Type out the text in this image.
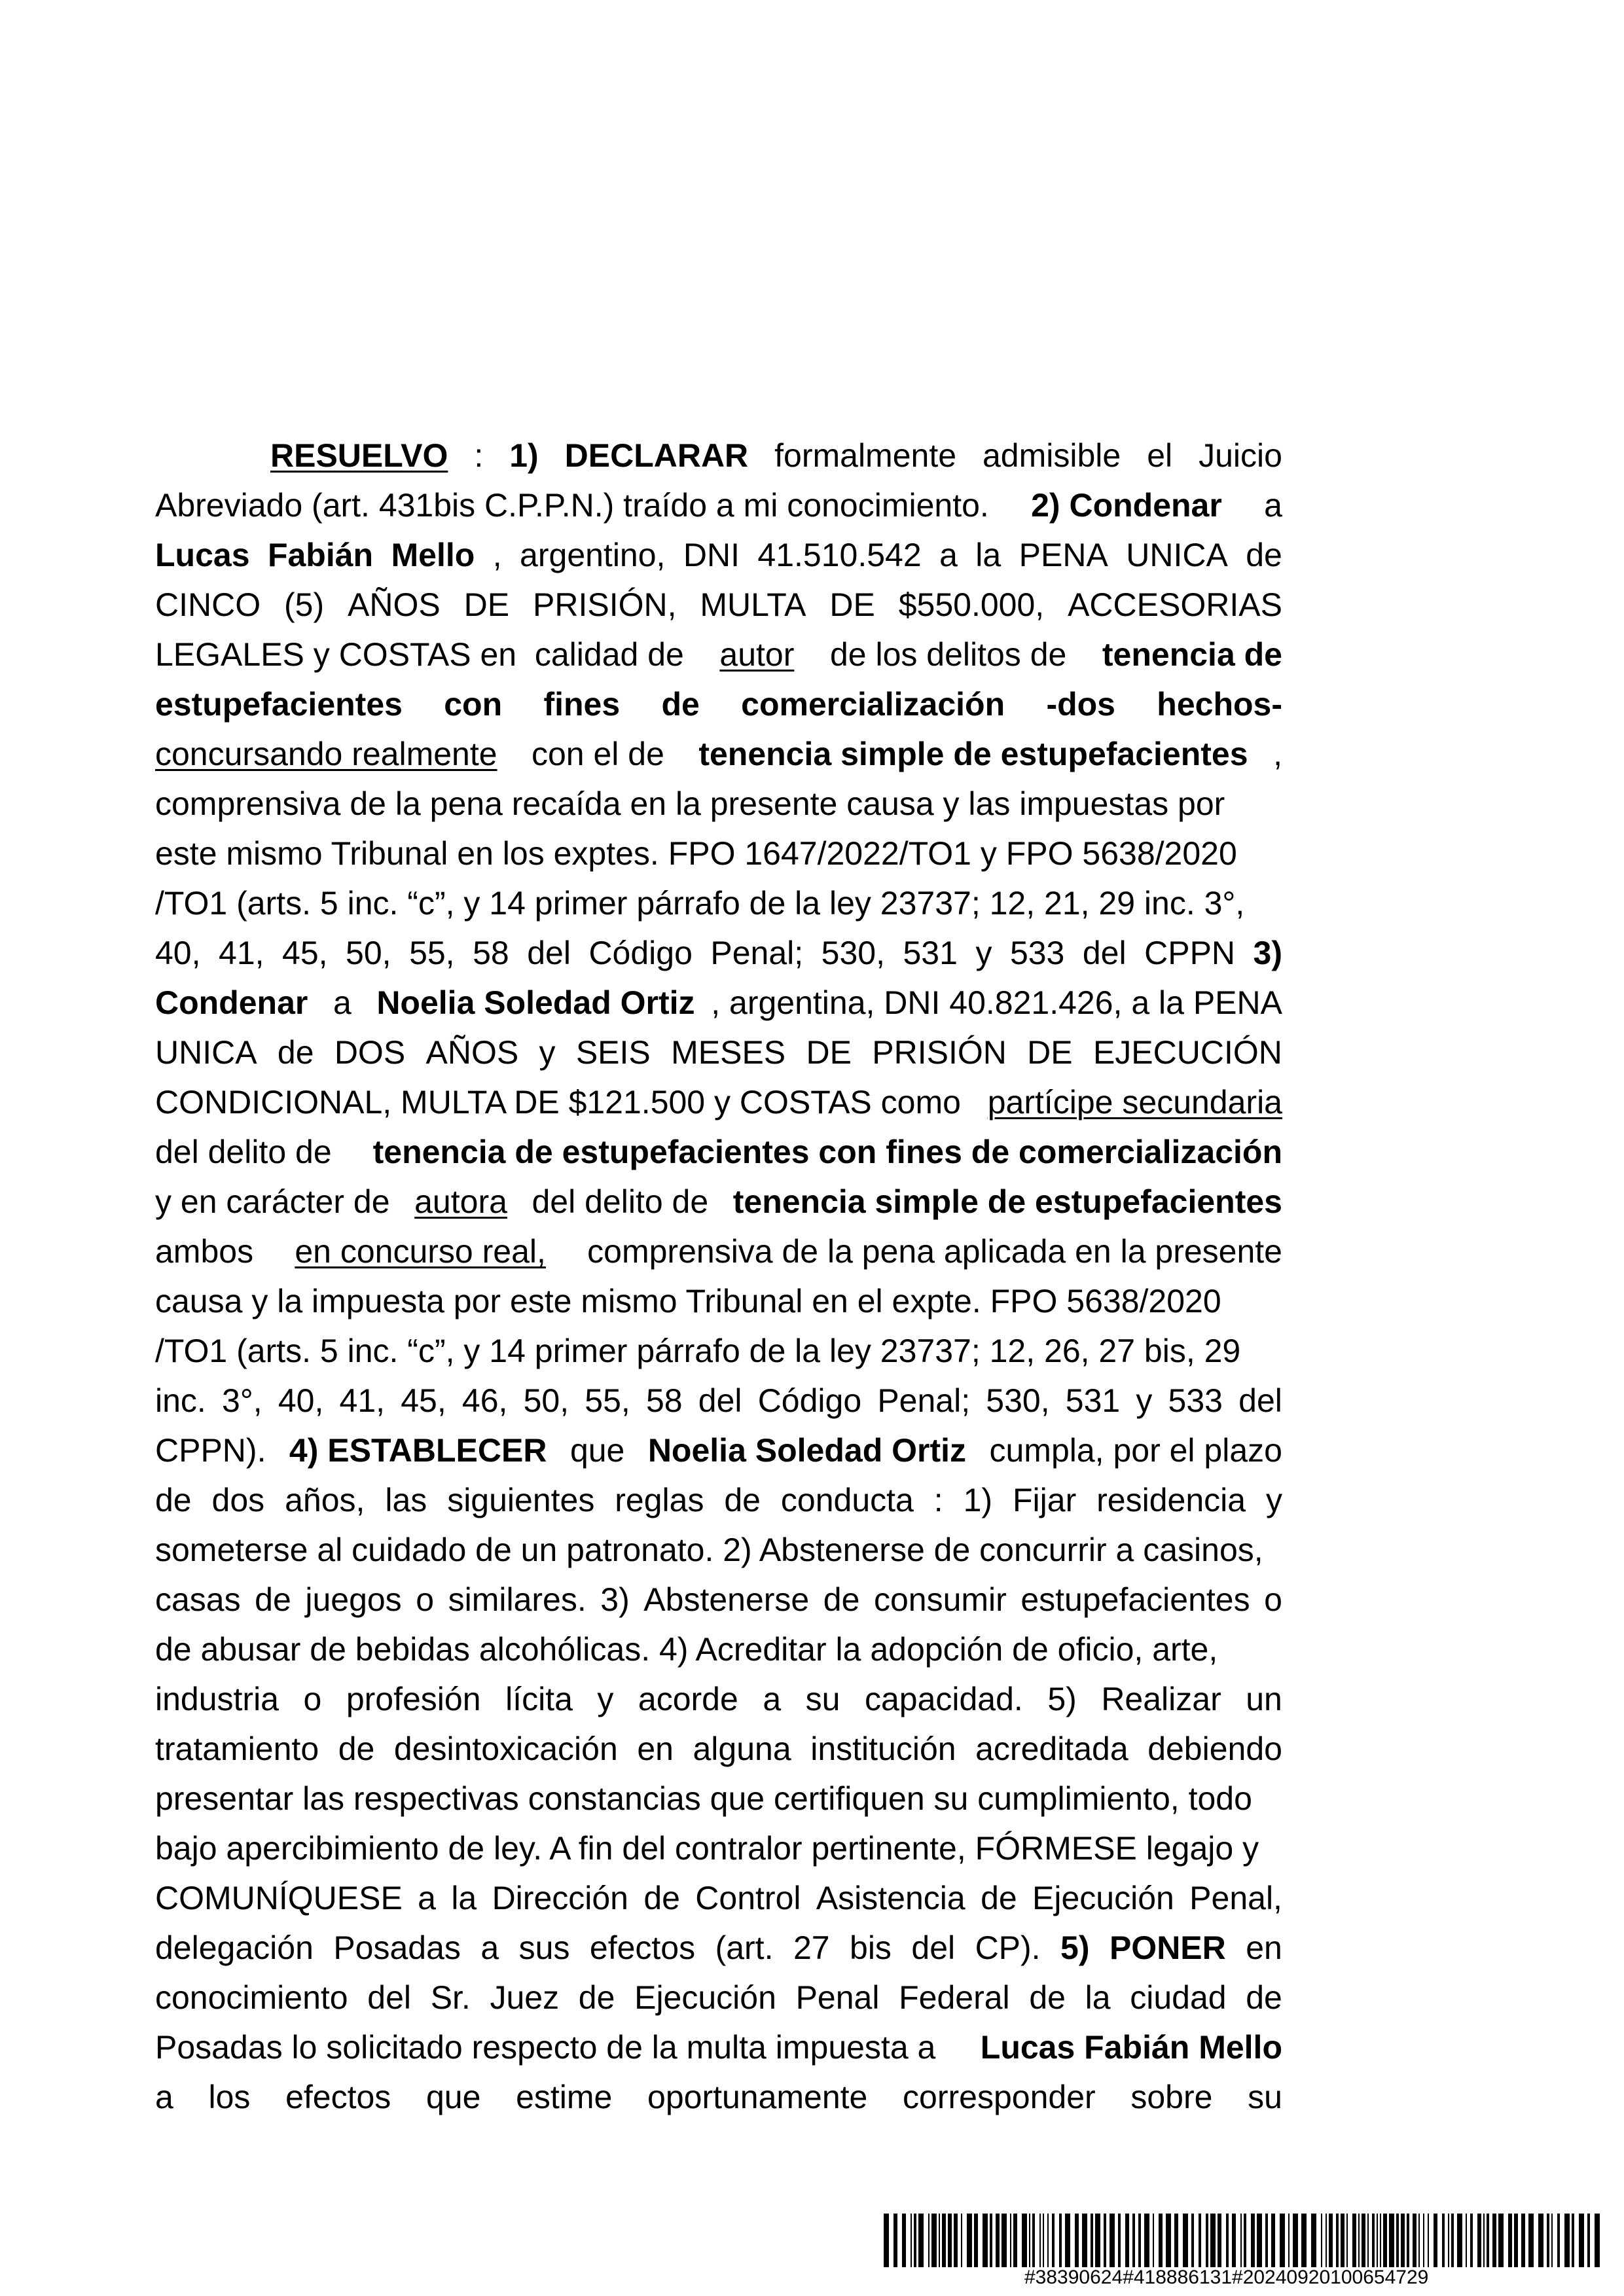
RESUELVO : 1) DECLARAR formalmente admisible el Juicio
Abreviado (art. 431bis C.P.P.N.) traído a mi conocimiento. 2) Condenar a
Lucas Fabián Mello , argentino, DNI 41.510.542 a la PENA UNICA de
CINCO (5) AÑOS DE PRISIÓN, MULTA DE $550.000, ACCESORIAS
LEGALES y COSTAS en  calidad de autor de los delitos de tenencia de
estupefacientes con fines de comercialización -dos hechos-
concursando realmente con el de tenencia simple de estupefacientes ,
comprensiva de la pena recaída en la presente causa y las impuestas por
este mismo Tribunal en los exptes. FPO 1647/2022/TO1 y FPO 5638/2020
/TO1 (arts. 5 inc. “c”, y 14 primer párrafo de la ley 23737; 12, 21, 29 inc. 3°,
40, 41, 45, 50, 55, 58 del Código Penal; 530, 531 y 533 del CPPN 3)
Condenar a Noelia Soledad Ortiz , argentina, DNI 40.821.426, a la PENA
UNICA de DOS AÑOS y SEIS MESES DE PRISIÓN DE EJECUCIÓN
CONDICIONAL, MULTA DE $121.500 y COSTAS como partícipe secundaria
del delito de tenencia de estupefacientes con fines de comercialización
y en carácter de autora del delito de tenencia simple de estupefacientes
ambos en concurso real, comprensiva de la pena aplicada en la presente
causa y la impuesta por este mismo Tribunal en el expte. FPO 5638/2020
/TO1 (arts. 5 inc. “c”, y 14 primer párrafo de la ley 23737; 12, 26, 27 bis, 29
inc. 3°, 40, 41, 45, 46, 50, 55, 58 del Código Penal; 530, 531 y 533 del
CPPN). 4) ESTABLECER que Noelia Soledad Ortiz cumpla, por el plazo
de dos años, las siguientes reglas de conducta : 1) Fijar residencia y
someterse al cuidado de un patronato. 2) Abstenerse de concurrir a casinos,
casas de juegos o similares. 3) Abstenerse de consumir estupefacientes o
de abusar de bebidas alcohólicas. 4) Acreditar la adopción de oficio, arte,
industria o profesión lícita y acorde a su capacidad. 5) Realizar un
tratamiento de desintoxicación en alguna institución acreditada debiendo
presentar las respectivas constancias que certifiquen su cumplimiento, todo
bajo apercibimiento de ley. A fin del contralor pertinente, FÓRMESE legajo y
COMUNÍQUESE a la Dirección de Control Asistencia de Ejecución Penal,
delegación Posadas a sus efectos (art. 27 bis del CP). 5) PONER en
conocimiento del Sr. Juez de Ejecución Penal Federal de la ciudad de
Posadas lo solicitado respecto de la multa impuesta a Lucas Fabián Mello
a los efectos que estime oportunamente corresponder sobre su
#38390624#418886131#20240920100654729
